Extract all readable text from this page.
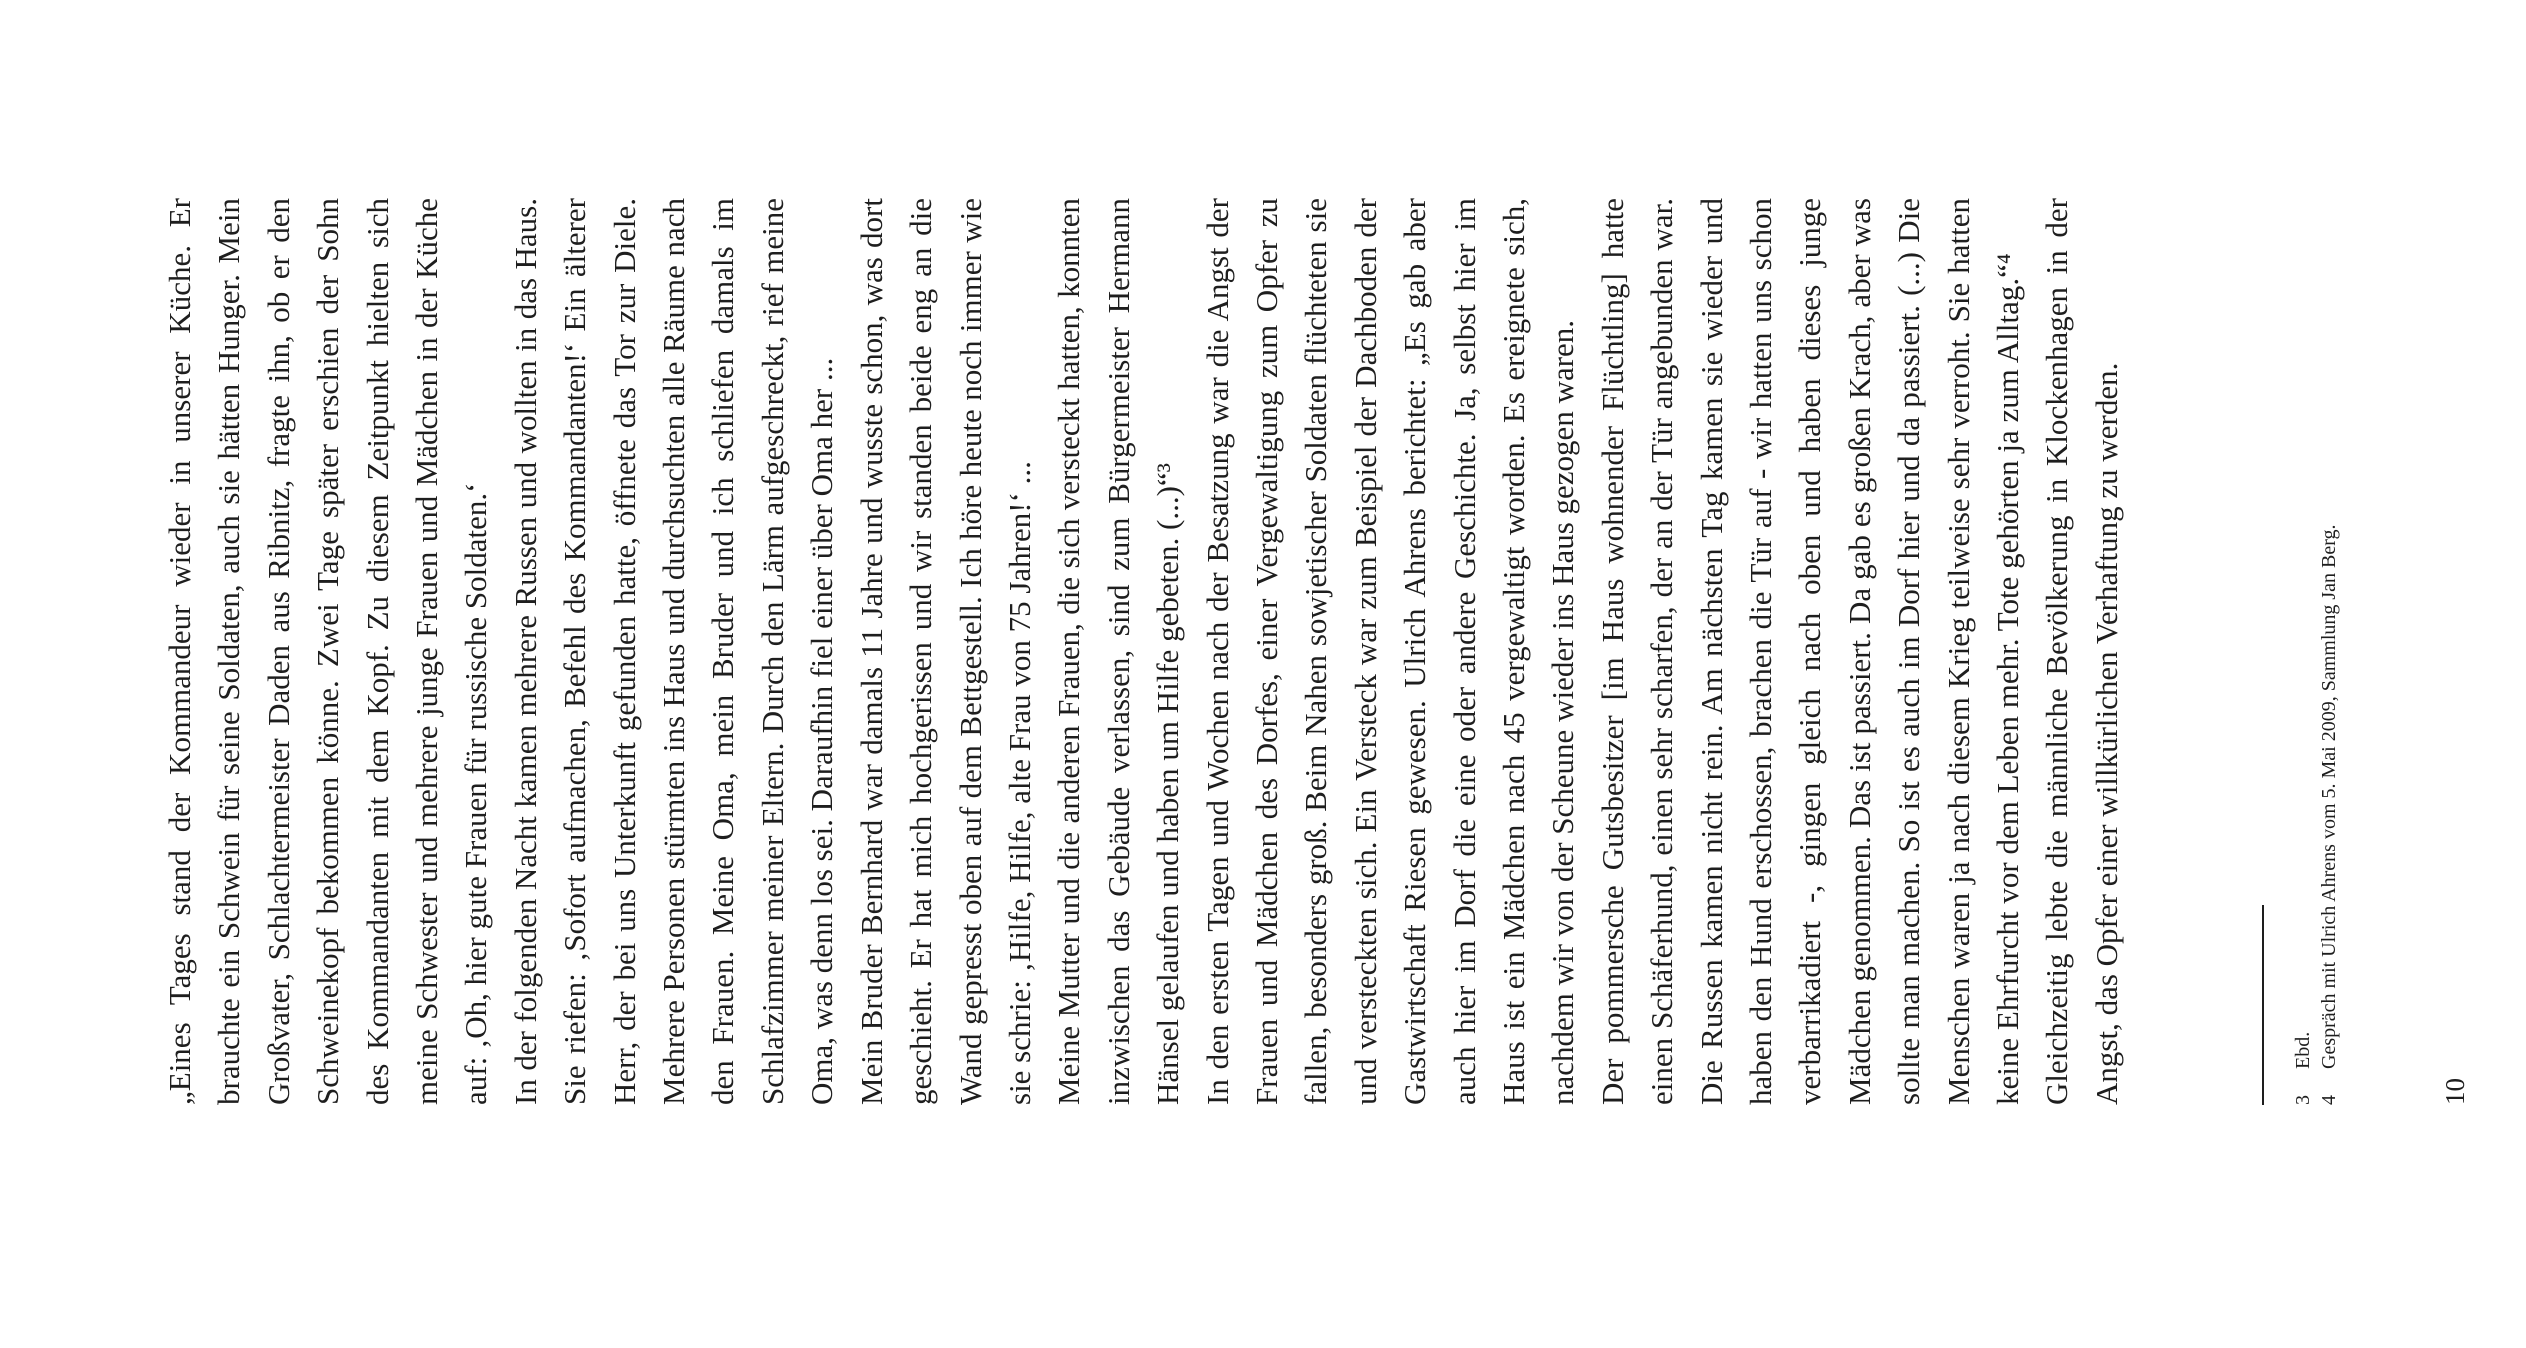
„Eines Tages stand der Kommandeur wieder in unserer Küche. Er brauchte ein Schwein für seine Soldaten, auch sie hätten Hunger. Mein Großvater, Schlachtermeister Daden aus Ribnitz, fragte ihn, ob er den Schweinekopf bekommen könne. Zwei Tage später erschien der Sohn des Kommandanten mit dem Kopf. Zu diesem Zeitpunkt hielten sich meine Schwester und mehrere junge Frauen und Mädchen in der Küche auf: ‚Oh, hier gute Frauen für russische Soldaten.‘ In der folgenden Nacht kamen mehrere Russen und wollten in das Haus. Sie riefen: ‚Sofort aufmachen, Befehl des Kommandanten!‘ Ein älterer Herr, der bei uns Unterkunft gefunden hatte, öffnete das Tor zur Diele. Mehrere Personen stürmten ins Haus und durchsuchten alle Räume nach den Frauen. Meine Oma, mein Bruder und ich schliefen damals im Schlafzimmer meiner Eltern. Durch den Lärm aufgeschreckt, rief meine Oma, was denn los sei. Daraufhin fiel einer über Oma her ... Mein Bruder Bernhard war damals 11 Jahre und wusste schon, was dort geschieht. Er hat mich hochgerissen und wir standen beide eng an die Wand gepresst oben auf dem Bettgestell. Ich höre heute noch immer wie sie schrie: ‚Hilfe, Hilfe, alte Frau von 75 Jahren!‘ ... Meine Mutter und die anderen Frauen, die sich versteckt hatten, konnten inzwischen das Gebäude verlassen, sind zum Bürgermeister Hermann Hänsel gelaufen und haben um Hilfe gebeten. (...)“³ In den ersten Tagen und Wochen nach der Besatzung war die Angst der Frauen und Mädchen des Dorfes, einer Vergewaltigung zum Opfer zu fallen, besonders groß. Beim Nahen sowjetischer Soldaten flüchteten sie und versteckten sich. Ein Versteck war zum Beispiel der Dachboden der Gastwirtschaft Riesen gewesen. Ulrich Ahrens berichtet: „Es gab aber auch hier im Dorf die eine oder andere Geschichte. Ja, selbst hier im Haus ist ein Mädchen nach 45 vergewaltigt worden. Es ereignete sich, nachdem wir von der Scheune wieder ins Haus gezogen waren. Der pommersche Gutsbesitzer [im Haus wohnender Flüchtling] hatte einen Schäferhund, einen sehr scharfen, der an der Tür angebunden war. Die Russen kamen nicht rein. Am nächsten Tag kamen sie wieder und haben den Hund erschossen, brachen die Tür auf - wir hatten uns schon verbarrikadiert -, gingen gleich nach oben und haben dieses junge Mädchen genommen. Das ist passiert. Da gab es großen Krach, aber was sollte man machen. So ist es auch im Dorf hier und da passiert. (...) Die Menschen waren ja nach diesem Krieg teilweise sehr verroht. Sie hatten keine Ehrfurcht vor dem Leben mehr. Tote gehörten ja zum Alltag.“⁴ Gleichzeitig lebte die männliche Bevölkerung in Klockenhagen in der Angst, das Opfer einer willkürlichen Verhaftung zu werden.	3
Ebd.
4
Gespräch mit Ulrich Ahrens vom 5. Mai 2009, Sammlung Jan Berg.
10
